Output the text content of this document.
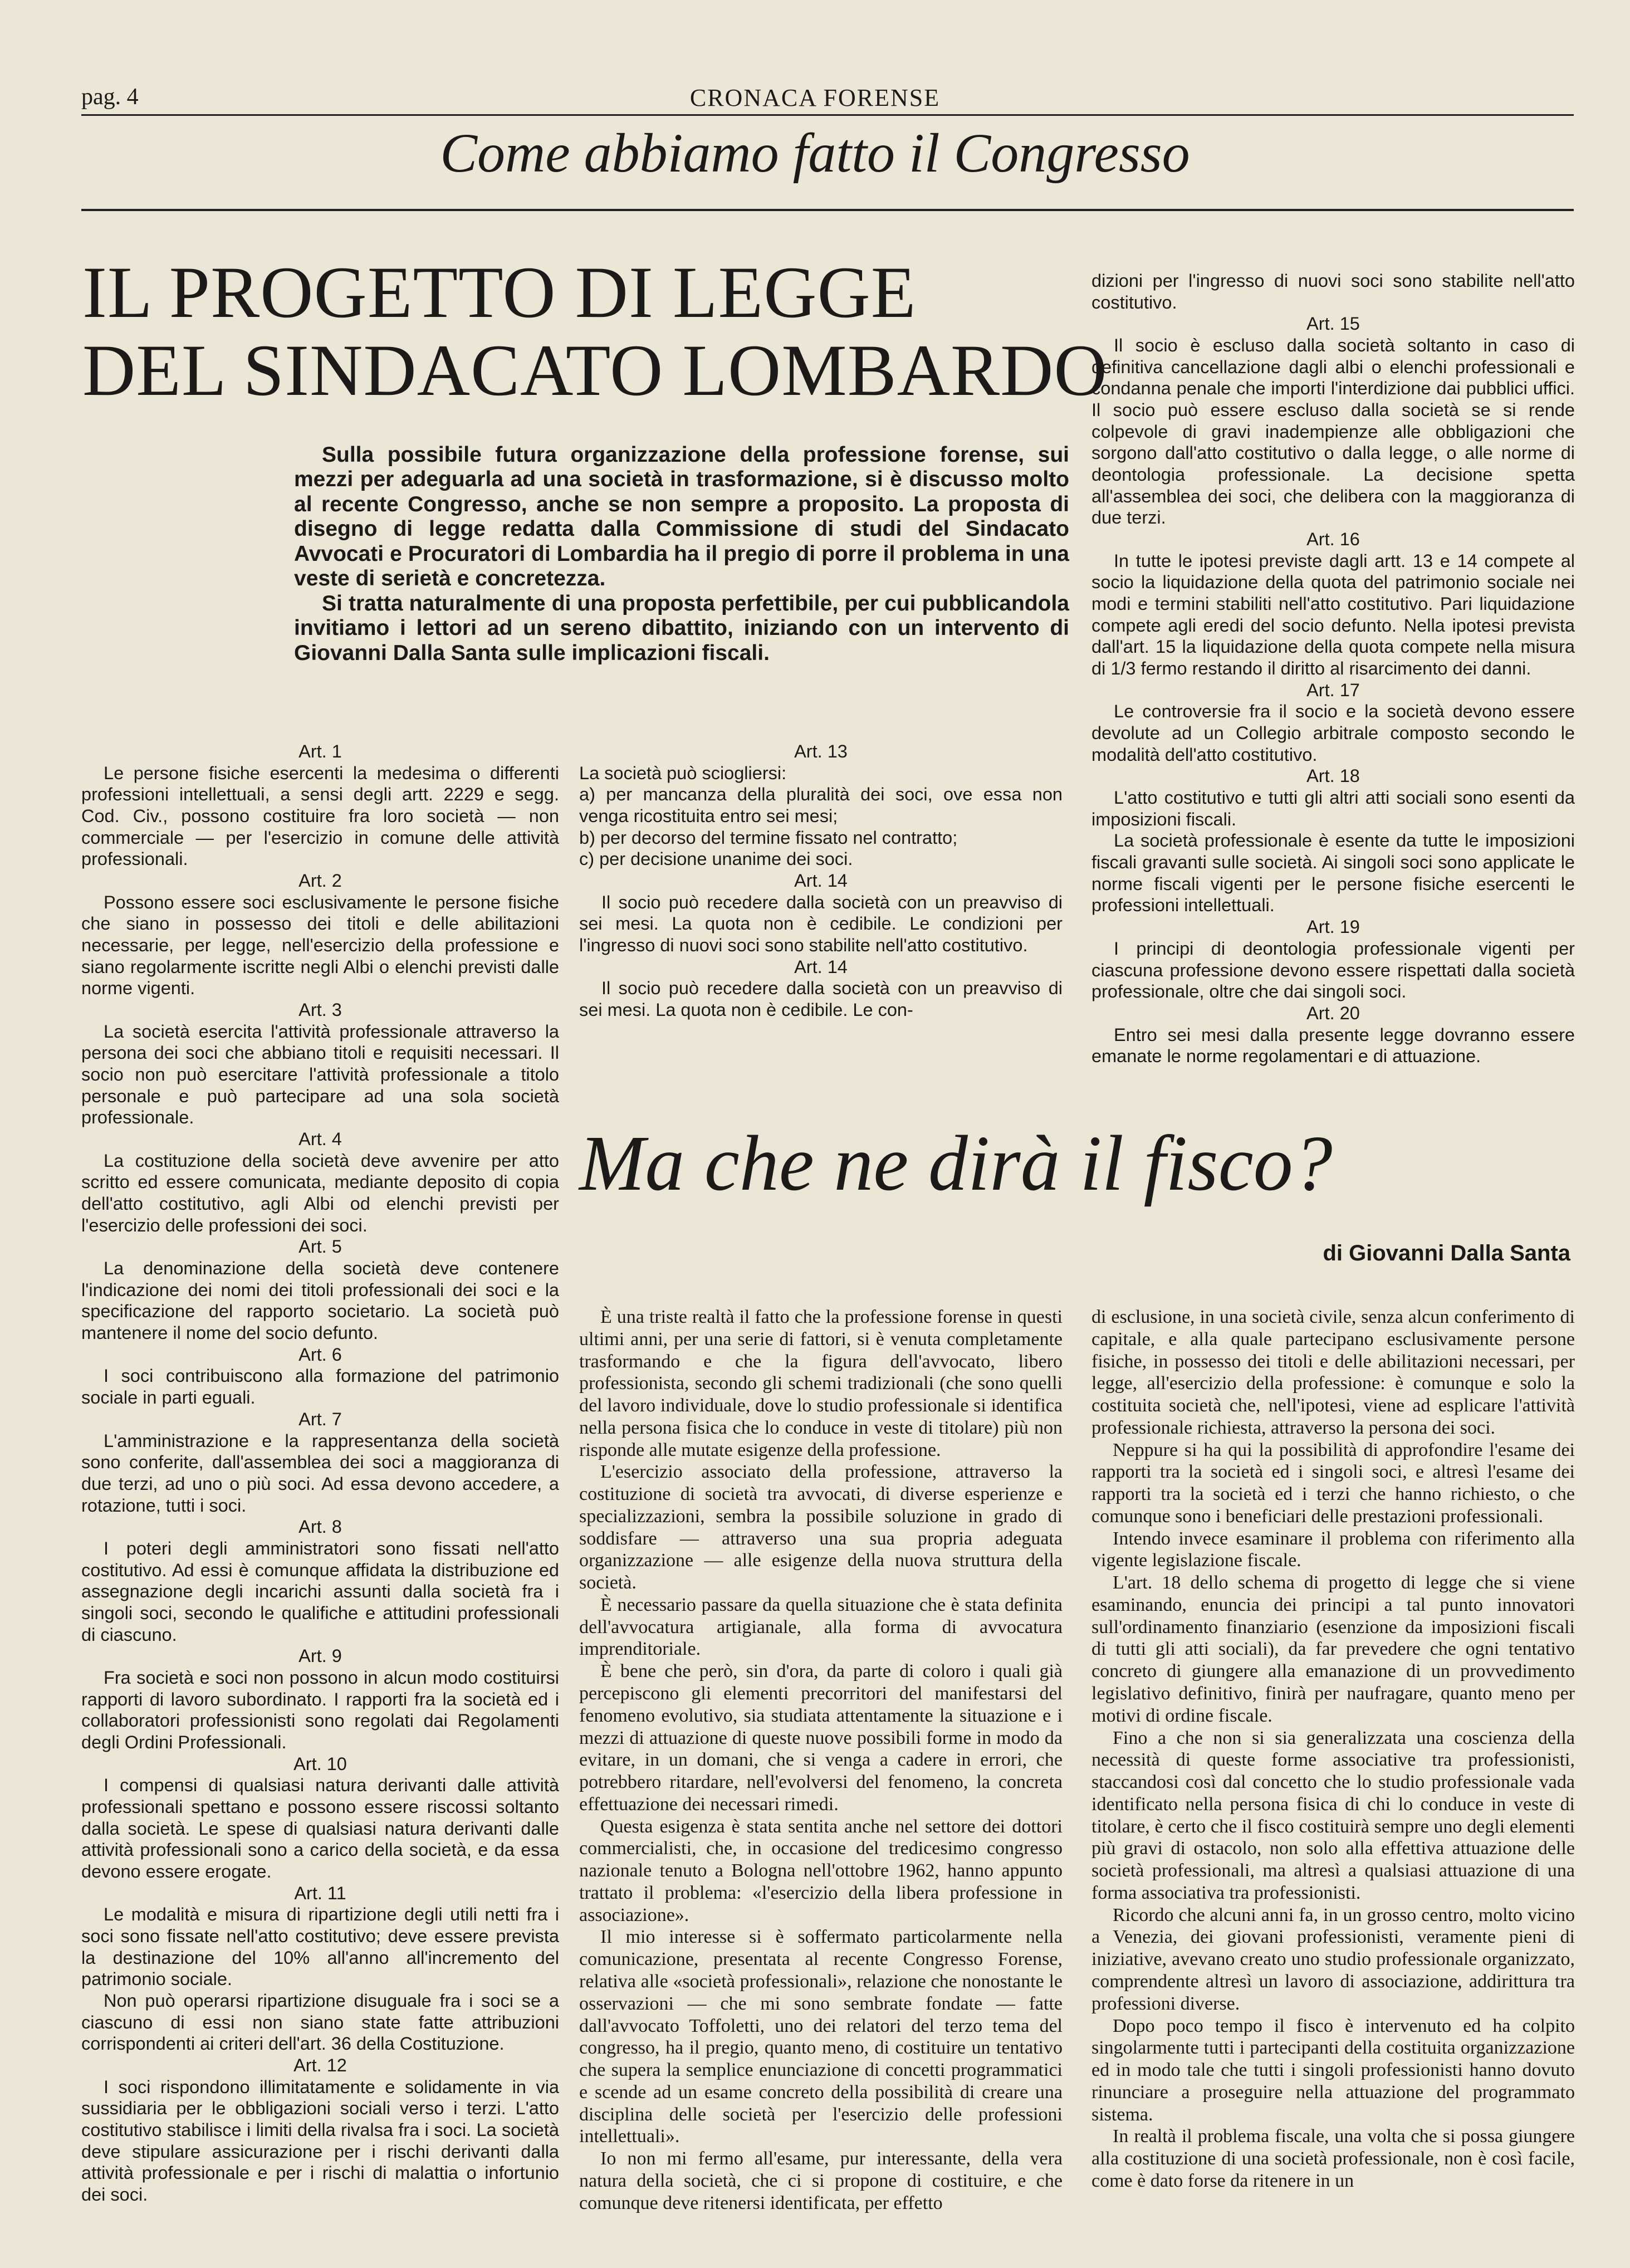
pag. 4	CRONACA FORENSE
Come abbiamo fatto il Congresso
IL PROGETTO DI LEGGE
DEL SINDACATO LOMBARDO

Sulla possibile futura organizzazione della professione forense, sui mezzi per adeguarla ad una società in trasformazione, si è discusso molto al recente Congresso, anche se non sempre a proposito. La proposta di disegno di legge redatta dalla Commissione di studi del Sindacato Avvocati e Procuratori di Lombardia ha il pregio di porre il problema in una veste di serietà e concretezza.

Si tratta naturalmente di una proposta perfettibile, per cui pubblicandola invitiamo i lettori ad un sereno dibattito, iniziando con un intervento di Giovanni Dalla Santa sulle implicazioni fiscali.

Art. 1

Le persone fisiche esercenti la medesima o differenti professioni intellettuali, a sensi degli artt. 2229 e segg. Cod. Civ., possono costituire fra loro società — non commerciale — per l'esercizio in comune delle attività professionali.

Art. 2

Possono essere soci esclusivamente le persone fisiche che siano in possesso dei titoli e delle abilitazioni necessarie, per legge, nell'esercizio della professione e siano regolarmente iscritte negli Albi o elenchi previsti dalle norme vigenti.

Art. 3

La società esercita l'attività professionale attraverso la persona dei soci che abbiano titoli e requisiti necessari. Il socio non può esercitare l'attività professionale a titolo personale e può partecipare ad una sola società professionale.

Art. 4

La costituzione della società deve avvenire per atto scritto ed essere comunicata, mediante deposito di copia dell'atto costitutivo, agli Albi od elenchi previsti per l'esercizio delle professioni dei soci.

Art. 5

La denominazione della società deve contenere l'indicazione dei nomi dei titoli professionali dei soci e la specificazione del rapporto societario. La società può mantenere il nome del socio defunto.

Art. 6

I soci contribuiscono alla formazione del patrimonio sociale in parti eguali.

Art. 7

L'amministrazione e la rappresentanza della società sono conferite, dall'assemblea dei soci a maggioranza di due terzi, ad uno o più soci. Ad essa devono accedere, a rotazione, tutti i soci.

Art. 8

I poteri degli amministratori sono fissati nell'atto costitutivo. Ad essi è comunque affidata la distribuzione ed assegnazione degli incarichi assunti dalla società fra i singoli soci, secondo le qualifiche e attitudini professionali di ciascuno.

Art. 9

Fra società e soci non possono in alcun modo costituirsi rapporti di lavoro subordinato. I rapporti fra la società ed i collaboratori professionisti sono regolati dai Regolamenti degli Ordini Professionali.

Art. 10

I compensi di qualsiasi natura derivanti dalle attività professionali spettano e possono essere riscossi soltanto dalla società. Le spese di qualsiasi natura derivanti dalle attività professionali sono a carico della società, e da essa devono essere erogate.

Art. 11

Le modalità e misura di ripartizione degli utili netti fra i soci sono fissate nell'atto costitutivo; deve essere prevista la destinazione del 10% all'anno all'incremento del patrimonio sociale.

Non può operarsi ripartizione disuguale fra i soci se a ciascuno di essi non siano state fatte attribuzioni corrispondenti ai criteri dell'art. 36 della Costituzione.

Art. 12

I soci rispondono illimitatamente e solidamente in via sussidiaria per le obbligazioni sociali verso i terzi. L'atto costitutivo stabilisce i limiti della rivalsa fra i soci. La società deve stipulare assicurazione per i rischi derivanti dalla attività professionale e per i rischi di malattia o infortunio dei soci.

Art. 13

La società può sciogliersi:

a) per mancanza della pluralità dei soci, ove essa non venga ricostituita entro sei mesi;

b) per decorso del termine fissato nel contratto;

c) per decisione unanime dei soci.

Art. 14

Il socio può recedere dalla società con un preavviso di sei mesi. La quota non è cedibile. Le condizioni per l'ingresso di nuovi soci sono stabilite nell'atto costitutivo.

Art. 14

Il socio può recedere dalla società con un preavviso di sei mesi. La quota non è cedibile. Le con-

dizioni per l'ingresso di nuovi soci sono stabilite nell'atto costitutivo.

Art. 15

Il socio è escluso dalla società soltanto in caso di definitiva cancellazione dagli albi o elenchi professionali e condanna penale che importi l'interdizione dai pubblici uffici. Il socio può essere escluso dalla società se si rende colpevole di gravi inadempienze alle obbligazioni che sorgono dall'atto costitutivo o dalla legge, o alle norme di deontologia professionale. La decisione spetta all'assemblea dei soci, che delibera con la maggioranza di due terzi.

Art. 16

In tutte le ipotesi previste dagli artt. 13 e 14 compete al socio la liquidazione della quota del patrimonio sociale nei modi e termini stabiliti nell'atto costitutivo. Pari liquidazione compete agli eredi del socio defunto. Nella ipotesi prevista dall'art. 15 la liquidazione della quota compete nella misura di 1/3 fermo restando il diritto al risarcimento dei danni.

Art. 17

Le controversie fra il socio e la società devono essere devolute ad un Collegio arbitrale composto secondo le modalità dell'atto costitutivo.

Art. 18

L'atto costitutivo e tutti gli altri atti sociali sono esenti da imposizioni fiscali.

La società professionale è esente da tutte le imposizioni fiscali gravanti sulle società. Ai singoli soci sono applicate le norme fiscali vigenti per le persone fisiche esercenti le professioni intellettuali.

Art. 19

I principi di deontologia professionale vigenti per ciascuna professione devono essere rispettati dalla società professionale, oltre che dai singoli soci.

Art. 20

Entro sei mesi dalla presente legge dovranno essere emanate le norme regolamentari e di attuazione.

Ma che ne dirà il fisco?
di Giovanni Dalla Santa

È una triste realtà il fatto che la professione forense in questi ultimi anni, per una serie di fattori, si è venuta completamente trasformando e che la figura dell'avvocato, libero professionista, secondo gli schemi tradizionali (che sono quelli del lavoro individuale, dove lo studio professionale si identifica nella persona fisica che lo conduce in veste di titolare) più non risponde alle mutate esigenze della professione.

L'esercizio associato della professione, attraverso la costituzione di società tra avvocati, di diverse esperienze e specializzazioni, sembra la possibile soluzione in grado di soddisfare — attraverso una sua propria adeguata organizzazione — alle esigenze della nuova struttura della società.

È necessario passare da quella situazione che è stata definita dell'avvocatura artigianale, alla forma di avvocatura imprenditoriale.

È bene che però, sin d'ora, da parte di coloro i quali già percepiscono gli elementi precorritori del manifestarsi del fenomeno evolutivo, sia studiata attentamente la situazione e i mezzi di attuazione di queste nuove possibili forme in modo da evitare, in un domani, che si venga a cadere in errori, che potrebbero ritardare, nell'evolversi del fenomeno, la concreta effettuazione dei necessari rimedi.

Questa esigenza è stata sentita anche nel settore dei dottori commercialisti, che, in occasione del tredicesimo congresso nazionale tenuto a Bologna nell'ottobre 1962, hanno appunto trattato il problema: «l'esercizio della libera professione in associazione».

Il mio interesse si è soffermato particolarmente nella comunicazione, presentata al recente Congresso Forense, relativa alle «società professionali», relazione che nonostante le osservazioni — che mi sono sembrate fondate — fatte dall'avvocato Toffoletti, uno dei relatori del terzo tema del congresso, ha il pregio, quanto meno, di costituire un tentativo che supera la semplice enunciazione di concetti programmatici e scende ad un esame concreto della possibilità di creare una disciplina delle società per l'esercizio delle professioni intellettuali».

Io non mi fermo all'esame, pur interessante, della vera natura della società, che ci si propone di costituire, e che comunque deve ritenersi identificata, per effetto

di esclusione, in una società civile, senza alcun conferimento di capitale, e alla quale partecipano esclusivamente persone fisiche, in possesso dei titoli e delle abilitazioni necessari, per legge, all'esercizio della professione: è comunque e solo la costituita società che, nell'ipotesi, viene ad esplicare l'attività professionale richiesta, attraverso la persona dei soci.

Neppure si ha qui la possibilità di approfondire l'esame dei rapporti tra la società ed i singoli soci, e altresì l'esame dei rapporti tra la società ed i terzi che hanno richiesto, o che comunque sono i beneficiari delle prestazioni professionali.

Intendo invece esaminare il problema con riferimento alla vigente legislazione fiscale.

L'art. 18 dello schema di progetto di legge che si viene esaminando, enuncia dei principi a tal punto innovatori sull'ordinamento finanziario (esenzione da imposizioni fiscali di tutti gli atti sociali), da far prevedere che ogni tentativo concreto di giungere alla emanazione di un provvedimento legislativo definitivo, finirà per naufragare, quanto meno per motivi di ordine fiscale.

Fino a che non si sia generalizzata una coscienza della necessità di queste forme associative tra professionisti, staccandosi così dal concetto che lo studio professionale vada identificato nella persona fisica di chi lo conduce in veste di titolare, è certo che il fisco costituirà sempre uno degli elementi più gravi di ostacolo, non solo alla effettiva attuazione delle società professionali, ma altresì a qualsiasi attuazione di una forma associativa tra professionisti.

Ricordo che alcuni anni fa, in un grosso centro, molto vicino a Venezia, dei giovani professionisti, veramente pieni di iniziative, avevano creato uno studio professionale organizzato, comprendente altresì un lavoro di associazione, addirittura tra professioni diverse.

Dopo poco tempo il fisco è intervenuto ed ha colpito singolarmente tutti i partecipanti della costituita organizzazione ed in modo tale che tutti i singoli professionisti hanno dovuto rinunciare a proseguire nella attuazione del programmato sistema.

In realtà il problema fiscale, una volta che si possa giungere alla costituzione di una società professionale, non è così facile, come è dato forse da ritenere in un
